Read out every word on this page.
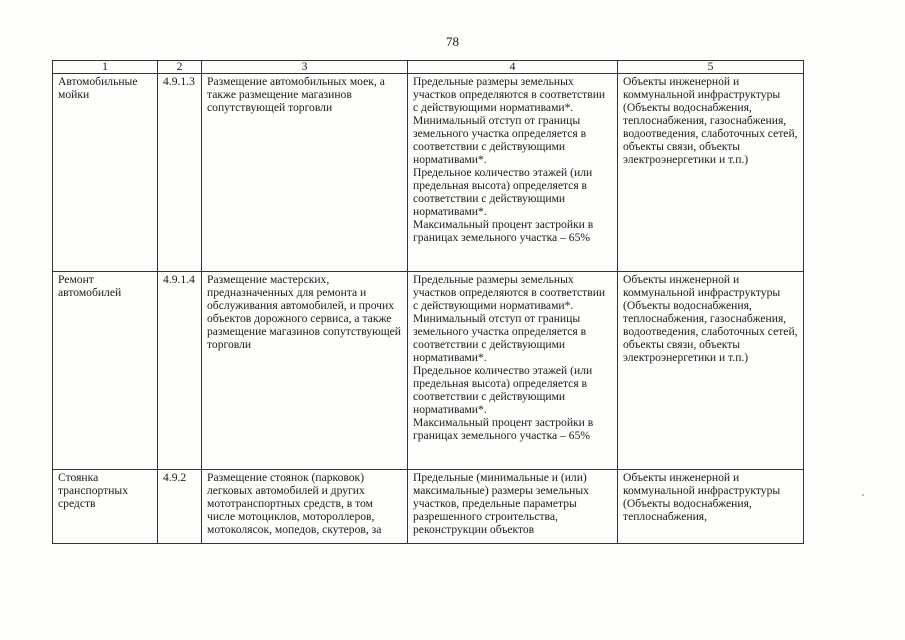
78
1	2	3	4	5
Автомобильные мойки	4.9.1.3	Размещение автомобильных моек, а также размещение магазинов сопутствующей торговли	Предельные размеры земельных участков определяются в соответствии с действующими нормативами*.

Минимальный отступ от границы земельного участка определяется в соответствии с действующими нормативами*.

Предельное количество этажей (или предельная высота) определяется в соответствии с действующими нормативами*.

Максимальный процент застройки в границах земельного участка – 65%	Объекты инженерной и коммунальной инфраструктуры (Объекты водоснабжения, теплоснабжения, газоснабжения, водоотведения, слаботочных сетей, объекты связи, объекты электроэнергетики и т.п.)
Ремонт автомобилей	4.9.1.4	Размещение мастерских, предназначенных для ремонта и обслуживания автомобилей, и прочих объектов дорожного сервиса, а также размещение магазинов сопутствующей торговли	Предельные размеры земельных участков определяются в соответствии с действующими нормативами*.

Минимальный отступ от границы земельного участка определяется в соответствии с действующими нормативами*.

Предельное количество этажей (или предельная высота) определяется в соответствии с действующими нормативами*.

Максимальный процент застройки в границах земельного участка – 65%	Объекты инженерной и коммунальной инфраструктуры (Объекты водоснабжения, теплоснабжения, газоснабжения, водоотведения, слаботочных сетей, объекты связи, объекты электроэнергетики и т.п.)
Стоянка транспортных средств	4.9.2	Размещение стоянок (парковок) легковых автомобилей и других мототранспортных средств, в том числе мотоциклов, мотороллеров, мотоколясок, мопедов, скутеров, за	Предельные (минимальные и (или) максимальные) размеры земельных участков, предельные параметры разрешенного строительства, реконструкции объектов	Объекты инженерной и коммунальной инфраструктуры (Объекты водоснабжения, теплоснабжения,
